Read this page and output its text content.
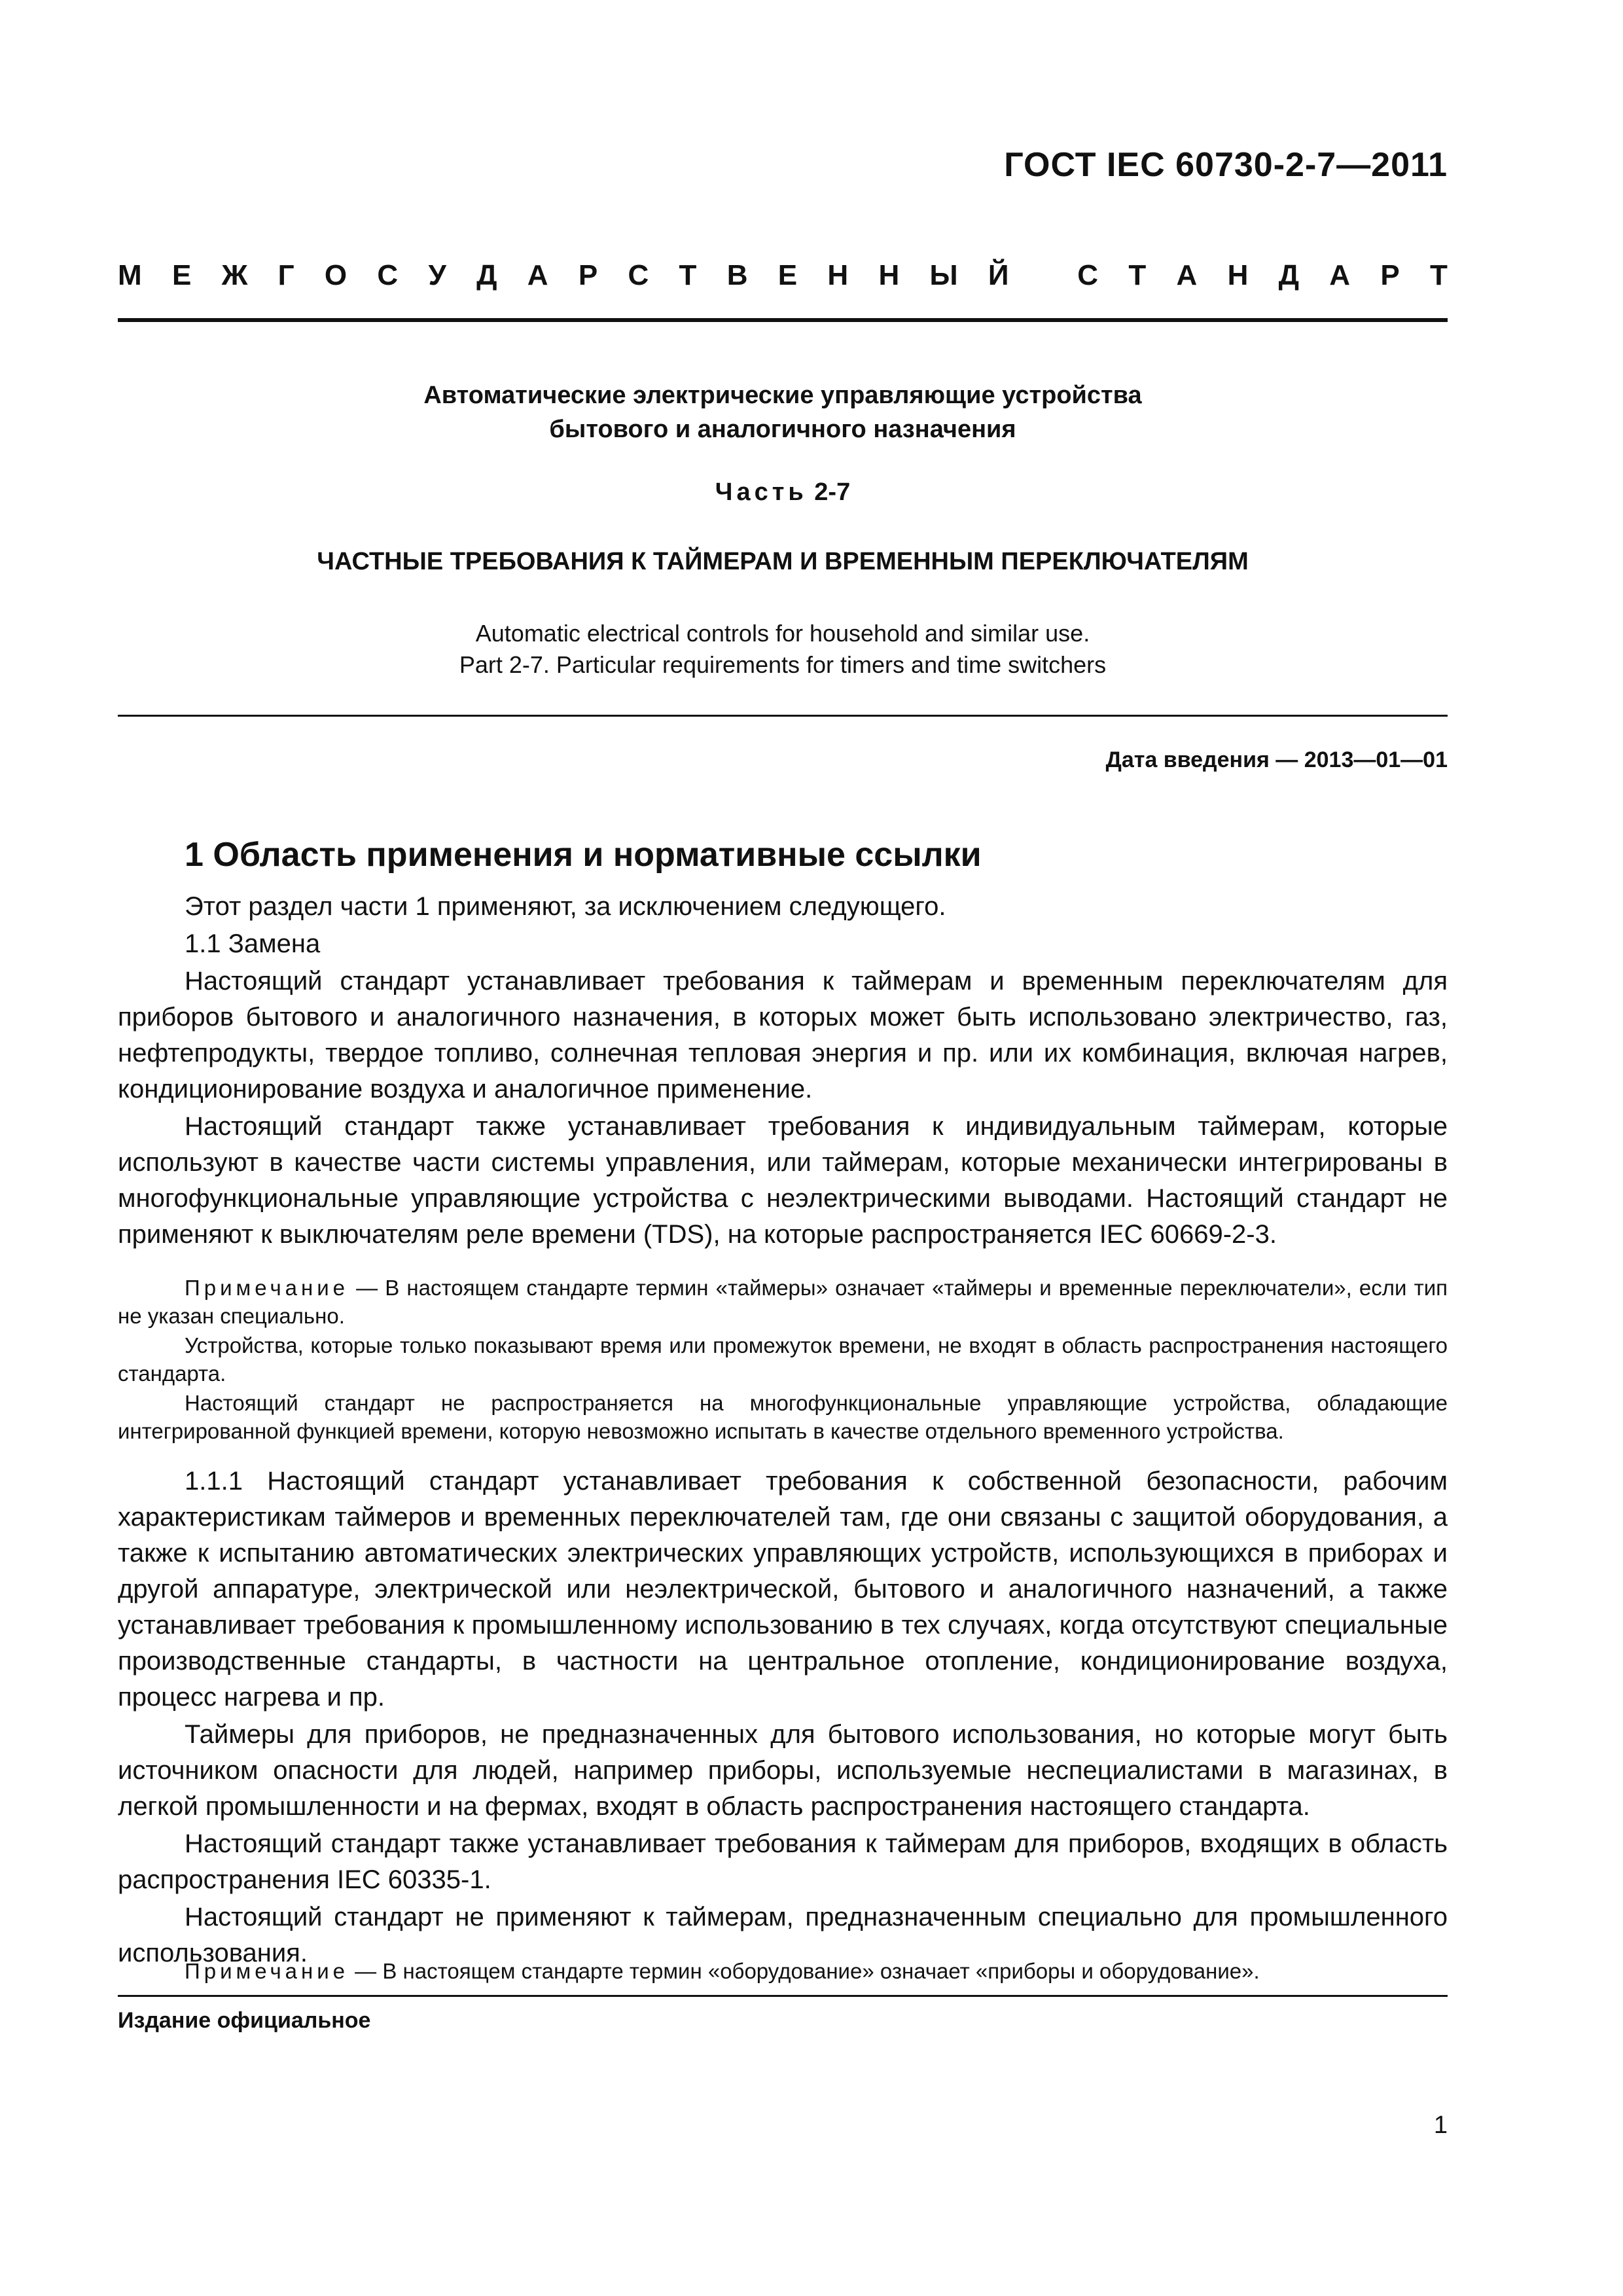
ГОСТ IEC 60730-2-7—2011
М Е Ж Г О С У Д А Р С Т В Е Н Н Ы Й
С Т А Н Д А Р Т
Автоматические электрические управляющие устройства
бытового и аналогичного назначения
Часть 2-7
ЧАСТНЫЕ ТРЕБОВАНИЯ К ТАЙМЕРАМ И ВРЕМЕННЫМ ПЕРЕКЛЮЧАТЕЛЯМ
Automatic electrical controls for household and similar use.
Part 2-7. Particular requirements for timers and time switchers
Дата введения — 2013—01—01
1 Область применения и нормативные ссылки

Этот раздел части 1 применяют, за исключением следующего.

1.1 Замена

Настоящий стандарт устанавливает требования к таймерам и временным переключателям для приборов бытового и аналогичного назначения, в которых может быть использовано электричество, газ, нефтепродукты, твердое топливо, солнечная тепловая энергия и пр. или их комбинация, включая нагрев, кондиционирование воздуха и аналогичное применение.

Настоящий стандарт также устанавливает требования к индивидуальным таймерам, которые используют в качестве части системы управления, или таймерам, которые механически интегрированы в многофункциональные управляющие устройства с неэлектрическими выводами. Настоящий стандарт не применяют к выключателям реле времени (TDS), на которые распространяется IEC 60669-2-3.

Примечание — В настоящем стандарте термин «таймеры» означает «таймеры и временные переключатели», если тип не указан специально.

Устройства, которые только показывают время или промежуток времени, не входят в область распространения настоящего стандарта.

Настоящий стандарт не распространяется на многофункциональные управляющие устройства, обладающие интегрированной функцией времени, которую невозможно испытать в качестве отдельного временного устройства.

1.1.1 Настоящий стандарт устанавливает требования к собственной безопасности, рабочим характеристикам таймеров и временных переключателей там, где они связаны с защитой оборудования, а также к испытанию автоматических электрических управляющих устройств, использующихся в приборах и другой аппаратуре, электрической или неэлектрической, бытового и аналогичного назначений, а также устанавливает требования к промышленному использованию в тех случаях, когда отсутствуют специальные производственные стандарты, в частности на центральное отопление, кондиционирование воздуха, процесс нагрева и пр.

Таймеры для приборов, не предназначенных для бытового использования, но которые могут быть источником опасности для людей, например приборы, используемые неспециалистами в магазинах, в легкой промышленности и на фермах, входят в область распространения настоящего стандарта.

Настоящий стандарт также устанавливает требования к таймерам для приборов, входящих в область распространения IEC 60335-1.

Настоящий стандарт не применяют к таймерам, предназначенным специально для промышленного использования.

Примечание — В настоящем стандарте термин «оборудование» означает «приборы и оборудование».

Издание официальное
1
